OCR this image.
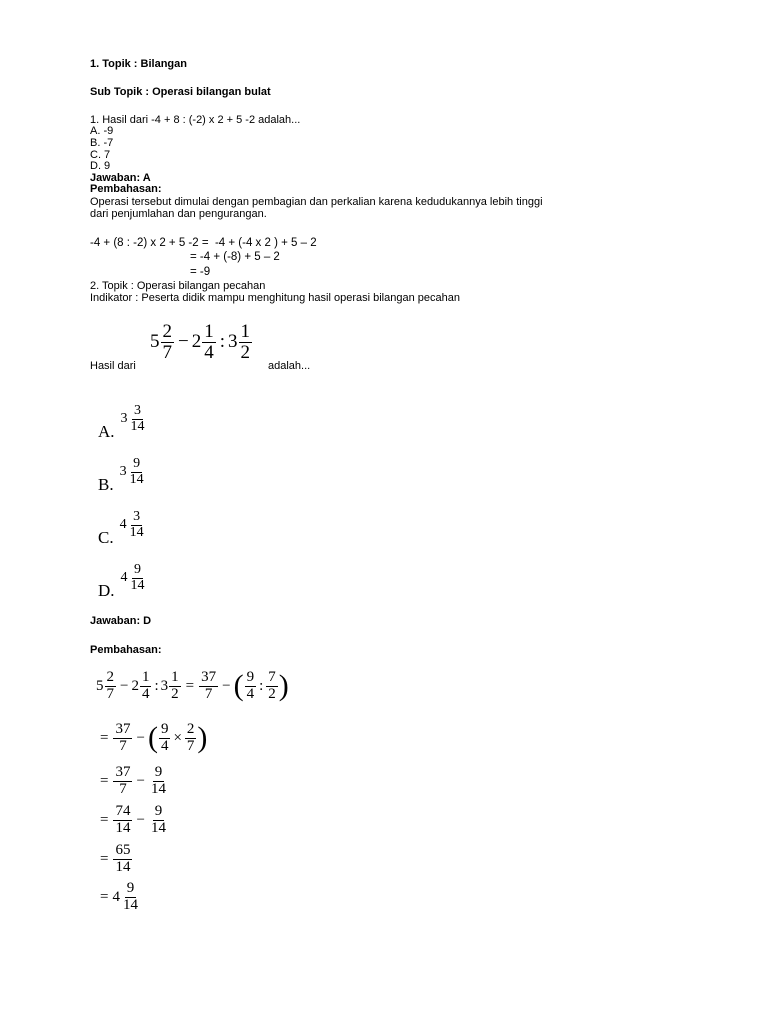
1. Topik : Bilangan
Sub Topik : Operasi bilangan bulat
1. Hasil dari -4 + 8 : (-2) x 2 + 5 -2 adalah...
A. -9
B. -7
C. 7
D. 9
Jawaban: A
Pembahasan:
Operasi tersebut dimulai dengan pembagian dan perkalian karena kedudukannya lebih tinggi
dari penjumlahan dan pengurangan.
-4 + (8 : -2) x 2 + 5 -2 =  -4 + (-4 x 2 ) + 5 – 2
= -4 + (-8) + 5 – 2
= -9
2. Topik : Operasi bilangan pecahan
Indikator : Peserta didik mampu menghitung hasil operasi bilangan pecahan
Hasil dari
$5 \frac{2}{7} - 2 \frac{1}{4}$ : $3 \frac{1}{2}$
adalah...
A.
$3 \frac{3}{14}$
B.
$3 \frac{9}{14}$
C.
$4 \frac{3}{14}$
D.
$4 \frac{9}{14}$
Jawaban: D
Pembahasan:
$5 \frac{2}{7} - 2 \frac{1}{4}$ : $3 \frac{1}{2} = \frac{37}{7}$ − ( $\frac{9}{4}$ : $\frac{7}{2}$ )
= $\frac{37}{7}$ − ( $\frac{9}{4} \times \frac{2}{7}$ )
= $\frac{37}{7} - \frac{9}{14}$
= $\frac{74}{14} - \frac{9}{14}$
= $\frac{65}{14}$
= $4 \frac{9}{14}$
